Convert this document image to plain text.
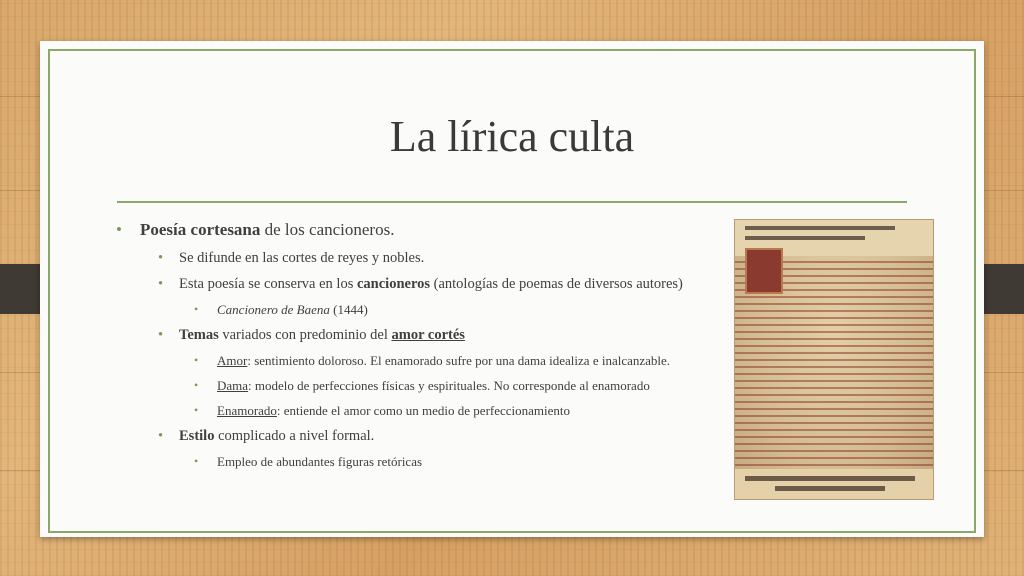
La lírica culta
• Poesía cortesana de los cancioneros.
• Se difunde en las cortes de reyes y nobles.
• Esta poesía se conserva en los cancioneros (antologías de poemas de diversos autores)
• Cancionero de Baena (1444)
• Temas variados con predominio del amor cortés
• Amor: sentimiento doloroso. El enamorado sufre por una dama idealiza e inalcanzable.
• Dama: modelo de perfecciones físicas y espirituales. No corresponde al enamorado
• Enamorado: entiende el amor como un medio de perfeccionamiento
• Estilo complicado a nivel formal.
• Empleo de abundantes figuras retóricas
